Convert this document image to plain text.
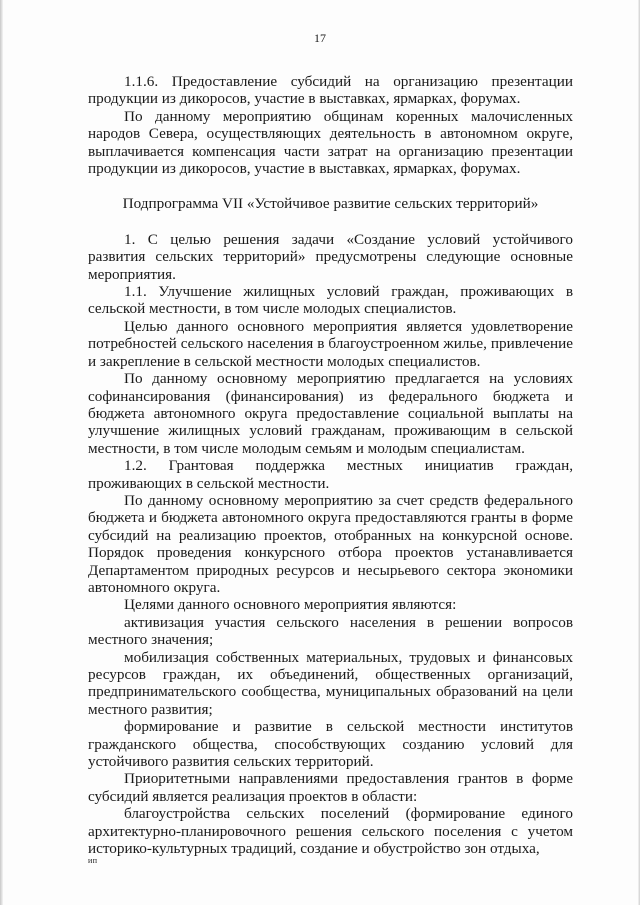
17

1.1.6. Предоставление субсидий на организацию презентации продукции из дикоросов, участие в выставках, ярмарках, форумах.

По данному мероприятию общинам коренных малочисленных народов Севера, осуществляющих деятельность в автономном округе, выплачивается компенсация части затрат на организацию презентации продукции из дикоросов, участие в выставках, ярмарках, форумах.

Подпрограмма VII «Устойчивое развитие сельских территорий»

1. С целью решения задачи «Создание условий устойчивого развития сельских территорий» предусмотрены следующие основные мероприятия.

1.1. Улучшение жилищных условий граждан, проживающих в сельской местности, в том числе молодых специалистов.

Целью данного основного мероприятия является удовлетворение потребностей сельского населения в благоустроенном жилье, привлечение и закрепление в сельской местности молодых специалистов.

По данному основному мероприятию предлагается на условиях софинансирования (финансирования) из федерального бюджета и бюджета автономного округа предоставление социальной выплаты на улучшение жилищных условий гражданам, проживающим в сельской местности, в том числе молодым семьям и молодым специалистам.

1.2. Грантовая поддержка местных инициатив граждан, проживающих в сельской местности.

По данному основному мероприятию за счет средств федерального бюджета и бюджета автономного округа предоставляются гранты в форме субсидий на реализацию проектов, отобранных на конкурсной основе. Порядок проведения конкурсного отбора проектов устанавливается Департаментом природных ресурсов и несырьевого сектора экономики автономного округа.

Целями данного основного мероприятия являются:

активизация участия сельского населения в решении вопросов местного значения;

мобилизация собственных материальных, трудовых и финансовых ресурсов граждан, их объединений, общественных организаций, предпринимательского сообщества, муниципальных образований на цели местного развития;

формирование и развитие в сельской местности институтов гражданского общества, способствующих созданию условий для устойчивого развития сельских территорий.

Приоритетными направлениями предоставления грантов в форме субсидий является реализация проектов в области:

благоустройства сельских поселений (формирование единого архитектурно-планировочного решения сельского поселения с учетом историко-культурных традиций, создание и обустройство зон отдыха,

ип
